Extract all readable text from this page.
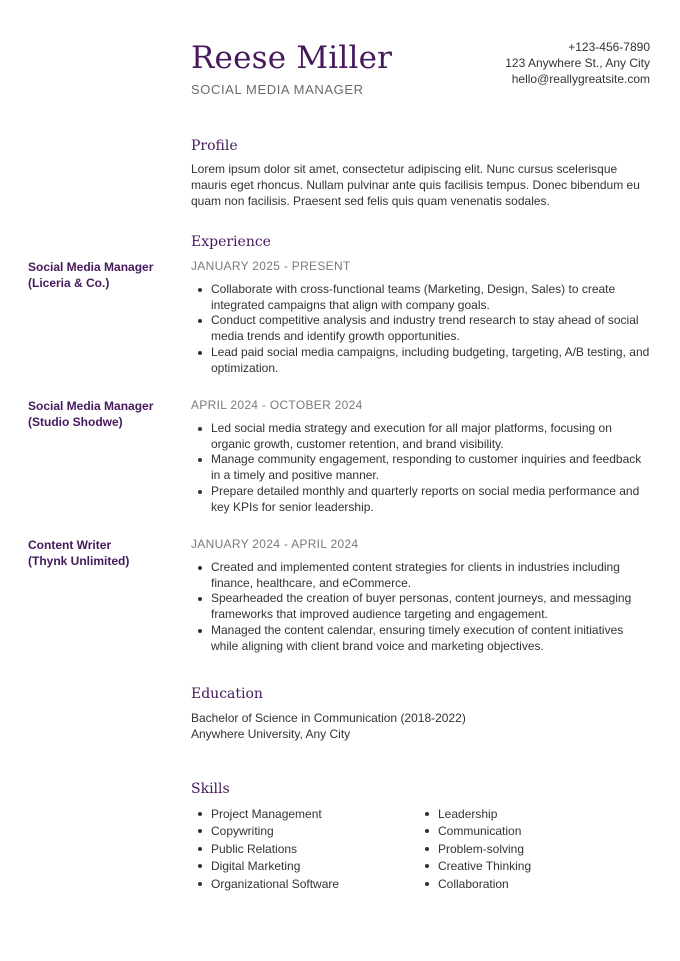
Reese Miller
SOCIAL MEDIA MANAGER
+123-456-7890
123 Anywhere St., Any City
hello@reallygreatsite.com
Profile
Lorem ipsum dolor sit amet, consectetur adipiscing elit. Nunc cursus scelerisque mauris eget rhoncus. Nullam pulvinar ante quis facilisis tempus. Donec bibendum eu quam non facilisis. Praesent sed felis quis quam venenatis sodales.
Experience
Social Media Manager
(Liceria & Co.)
JANUARY 2025 - PRESENT
Collaborate with cross-functional teams (Marketing, Design, Sales) to create integrated campaigns that align with company goals.
Conduct competitive analysis and industry trend research to stay ahead of social media trends and identify growth opportunities.
Lead paid social media campaigns, including budgeting, targeting, A/B testing, and optimization.
Social Media Manager
(Studio Shodwe)
APRIL 2024 - OCTOBER 2024
Led social media strategy and execution for all major platforms, focusing on organic growth, customer retention, and brand visibility.
Manage community engagement, responding to customer inquiries and feedback in a timely and positive manner.
Prepare detailed monthly and quarterly reports on social media performance and key KPIs for senior leadership.
Content Writer
(Thynk Unlimited)
JANUARY 2024 - APRIL 2024
Created and implemented content strategies for clients in industries including finance, healthcare, and eCommerce.
Spearheaded the creation of buyer personas, content journeys, and messaging frameworks that improved audience targeting and engagement.
Managed the content calendar, ensuring timely execution of content initiatives while aligning with client brand voice and marketing objectives.
Education
Bachelor of Science in Communication (2018-2022)
Anywhere University, Any City
Skills
Project Management
Copywriting
Public Relations
Digital Marketing
Organizational Software
Leadership
Communication
Problem-solving
Creative Thinking
Collaboration
